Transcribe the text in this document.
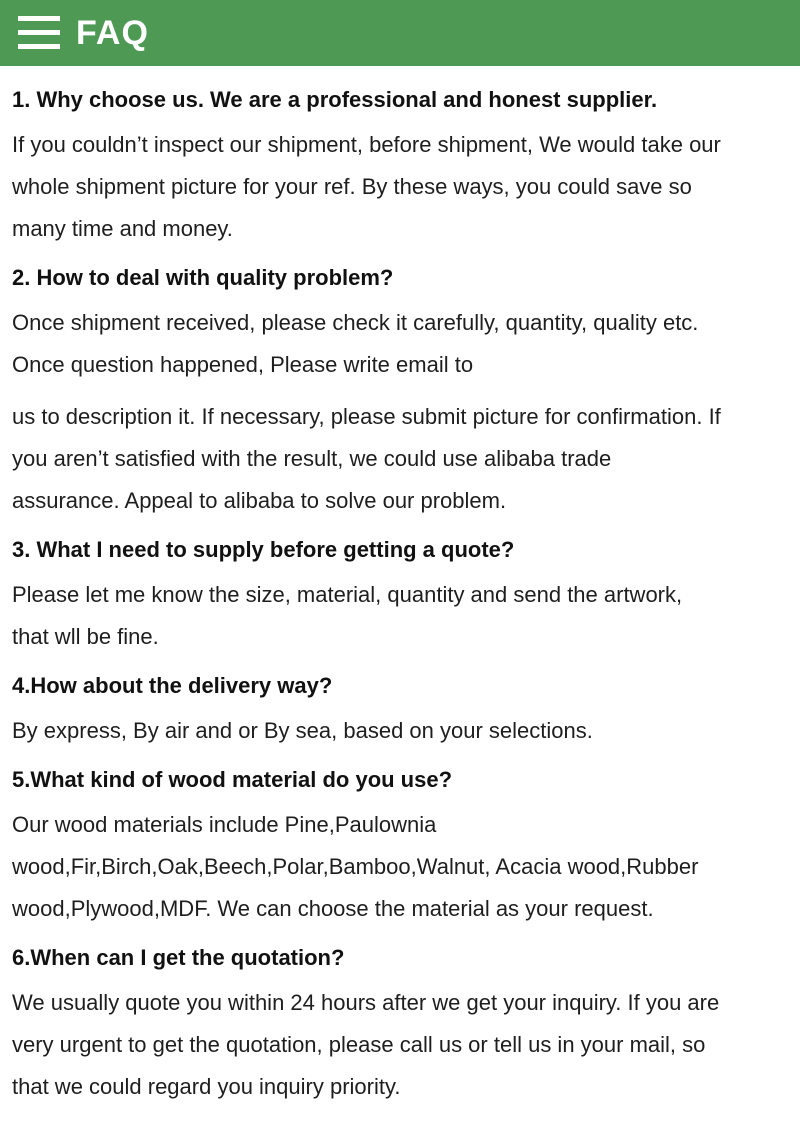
FAQ

1. Why choose us. We are a professional and honest supplier.

If you couldn’t inspect our shipment, before shipment, We would take our
whole shipment picture for your ref. By these ways, you could save so
many time and money.

2. How to deal with quality problem?

Once shipment received, please check it carefully, quantity, quality etc.
Once question happened, Please write email to
us to description it. If necessary, please submit picture for confirmation. If
you aren’t satisfied with the result, we could use alibaba trade
assurance. Appeal to alibaba to solve our problem.

3. What I need to supply before getting a quote?

Please let me know the size, material, quantity and send the artwork,
that wll be fine.

4.How about the delivery way?

By express, By air and or By sea, based on your selections.

5.What kind of wood material do you use?

Our wood materials include Pine,Paulownia
wood,Fir,Birch,Oak,Beech,Polar,Bamboo,Walnut, Acacia wood,Rubber
wood,Plywood,MDF. We can choose the material as your request.

6.When can I get the quotation?

We usually quote you within 24 hours after we get your inquiry. If you are
very urgent to get the quotation, please call us or tell us in your mail, so
that we could regard you inquiry priority.
